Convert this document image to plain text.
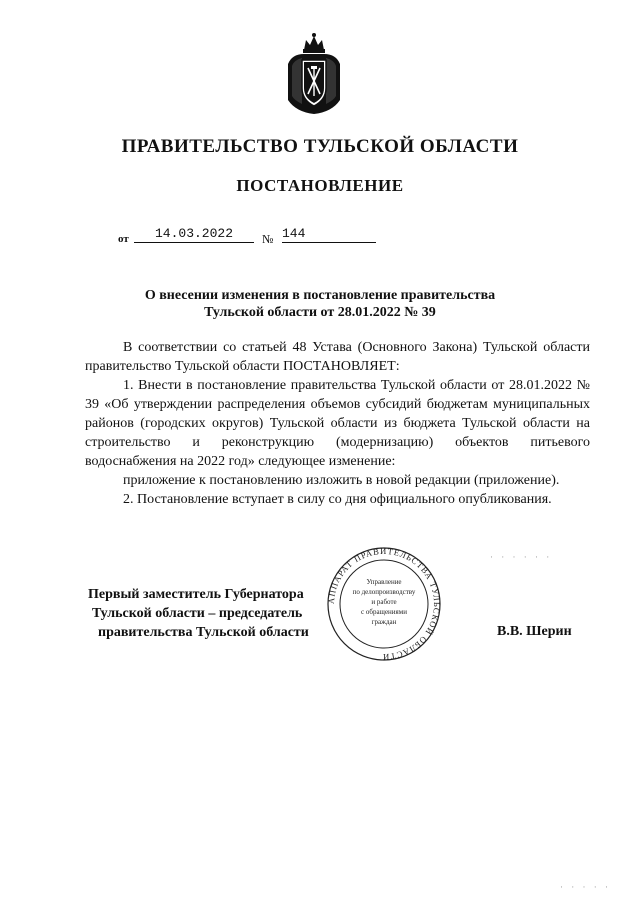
ПРАВИТЕЛЬСТВО ТУЛЬСКОЙ ОБЛАСТИ
ПОСТАНОВЛЕНИЕ
от	14.03.2022	№ 144
О внесении изменения в постановление правительства
Тульской области от 28.01.2022 № 39

В соответствии со статьей 48 Устава (Основного Закона) Тульской области правительство Тульской области ПОСТАНОВЛЯЕТ:

1. Внести в постановление правительства Тульской области от 28.01.2022 № 39 «Об утверждении распределения объемов субсидий бюджетам муниципальных районов (городских округов) Тульской области из бюджета Тульской области на строительство и реконструкцию (модернизацию) объектов питьевого водоснабжения на 2022 год» следующее изменение:

приложение к постановлению изложить в новой редакции (приложение).

2. Постановление вступает в силу со дня официального опубликования.

Первый заместитель Губернатора
Тульской области – председатель
правительства Тульской области
АППАРАТ ПРАВИТЕЛЬСТВА ТУЛЬСКОЙ ОБЛАСТИ
Управление
по делопроизводству
и работе
с обращениями
граждан
В.В. Шерин
· · · · ·
· · · · · ·
